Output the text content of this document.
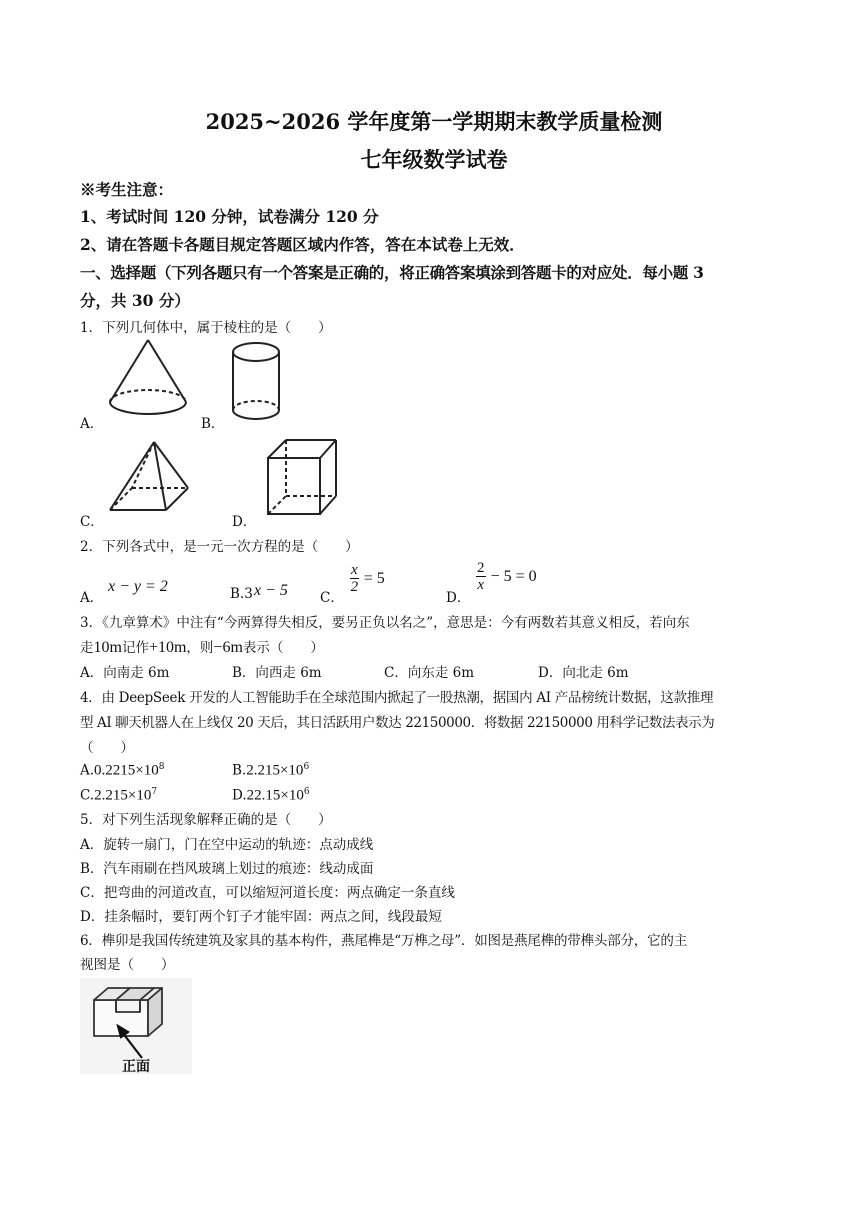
2025~2026 学年度第一学期期末教学质量检测
七年级数学试卷
※考生注意：
1、考试时间 120 分钟，试卷满分 120 分
2、请在答题卡各题目规定答题区域内作答，答在本试卷上无效．
一、选择题（下列各题只有一个答案是正确的，将正确答案填涂到答题卡的对应处．每小题 3
分，共 30 分）
1．下列几何体中，属于棱柱的是（　　）
A．	B．
C．	D．
2．下列各式中，是一元一次方程的是（　　）
A．
x − y = 2	B.3 x − 5 C．
$\frac{x}{2} = 5$
D．
$\frac{2}{x} - 5 = 0$
3．《九章算术》中注有“今两算得失相反，要另正负以名之”，意思是：今有两数若其意义相反，若向东
走10m记作+10m，则−6m表示（　　）
A．向南走 6m	B．向西走 6m	C．向东走 6m	D．向北走 6m
4．由 DeepSeek 开发的人工智能助手在全球范围内掀起了一股热潮，据国内 AI 产品榜统计数据，这款推理
型 AI 聊天机器人在上线仅 20 天后，其日活跃用户数达 22150000．将数据 22150000 用科学记数法表示为
（　　）
$A.0.2215\times 10^8$	$B.2.215\times 10^6$
$C.2.215\times 10^7$	$D.22.15\times 10^6$
5．对下列生活现象解释正确的是（　　）
A．旋转一扇门，门在空中运动的轨迹：点动成线
B．汽车雨刷在挡风玻璃上划过的痕迹：线动成面
C．把弯曲的河道改直，可以缩短河道长度：两点确定一条直线
D．挂条幅时，要钉两个钉子才能牢固：两点之间，线段最短
6．榫卯是我国传统建筑及家具的基本构件，燕尾榫是“万榫之母”．如图是燕尾榫的带榫头部分，它的主
视图是（　　）
正面
